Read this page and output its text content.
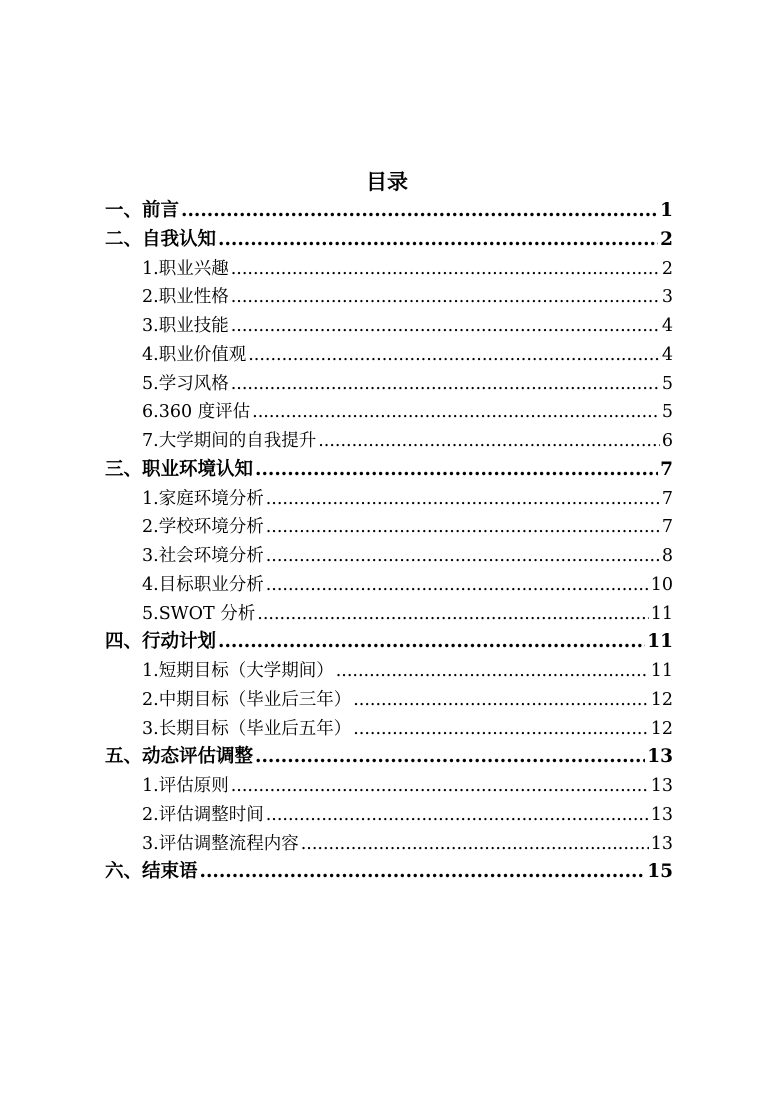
目录
一、前言 .....	1
二、自我认知 .....	2
1.职业兴趣 .....	2
2.职业性格 .....	3
3.职业技能 .....	4
4.职业价值观 .....	4
5.学习风格 .....	5
6.360 度评估 .....	5
7.大学期间的自我提升 .....	6
三、职业环境认知 .....	7
1.家庭环境分析 .....	7
2.学校环境分析 .....	7
3.社会环境分析 .....	8
4.目标职业分析 .....	10
5.SWOT 分析 .....	11
四、行动计划 .....	11
1.短期目标（大学期间） .....	11
2.中期目标（毕业后三年） .....	12
3.长期目标（毕业后五年） .....	12
五、动态评估调整 .....	13
1.评估原则 .....	13
2.评估调整时间 .....	13
3.评估调整流程内容 .....	13
六、结束语 .....	15
